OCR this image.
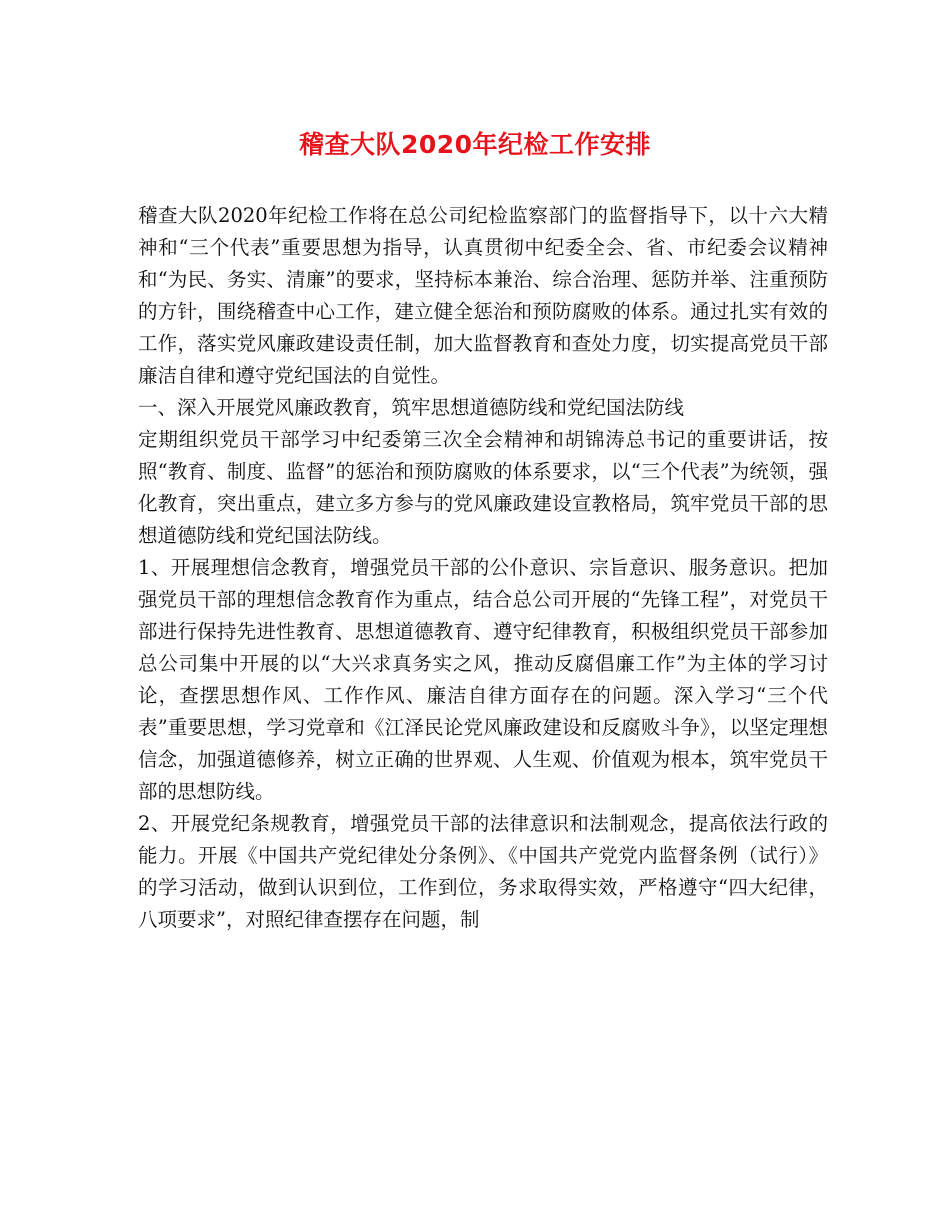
稽查大队2020年纪检工作安排

稽查大队2020年纪检工作将在总公司纪检监察部门的监督指导下，以十六大精神和“三个代表”重要思想为指导，认真贯彻中纪委全会、省、市纪委会议精神和“为民、务实、清廉”的要求，坚持标本兼治、综合治理、惩防并举、注重预防的方针，围绕稽查中心工作，建立健全惩治和预防腐败的体系。通过扎实有效的工作，落实党风廉政建设责任制，加大监督教育和查处力度，切实提高党员干部廉洁自律和遵守党纪国法的自觉性。

一、深入开展党风廉政教育，筑牢思想道德防线和党纪国法防线

定期组织党员干部学习中纪委第三次全会精神和胡锦涛总书记的重要讲话，按照“教育、制度、监督”的惩治和预防腐败的体系要求，以“三个代表”为统领，强化教育，突出重点，建立多方参与的党风廉政建设宣教格局，筑牢党员干部的思想道德防线和党纪国法防线。

1、开展理想信念教育，增强党员干部的公仆意识、宗旨意识、服务意识。把加强党员干部的理想信念教育作为重点，结合总公司开展的“先锋工程”，对党员干部进行保持先进性教育、思想道德教育、遵守纪律教育，积极组织党员干部参加总公司集中开展的以“大兴求真务实之风，推动反腐倡廉工作”为主体的学习讨论，查摆思想作风、工作作风、廉洁自律方面存在的问题。深入学习“三个代表”重要思想，学习党章和《江泽民论党风廉政建设和反腐败斗争》，以坚定理想信念，加强道德修养，树立正确的世界观、人生观、价值观为根本，筑牢党员干部的思想防线。

2、开展党纪条规教育，增强党员干部的法律意识和法制观念，提高依法行政的能力。开展《中国共产党纪律处分条例》、《中国共产党党内监督条例（试行）》的学习活动，做到认识到位，工作到位，务求取得实效，严格遵守“四大纪律，八项要求”，对照纪律查摆存在问题，制
